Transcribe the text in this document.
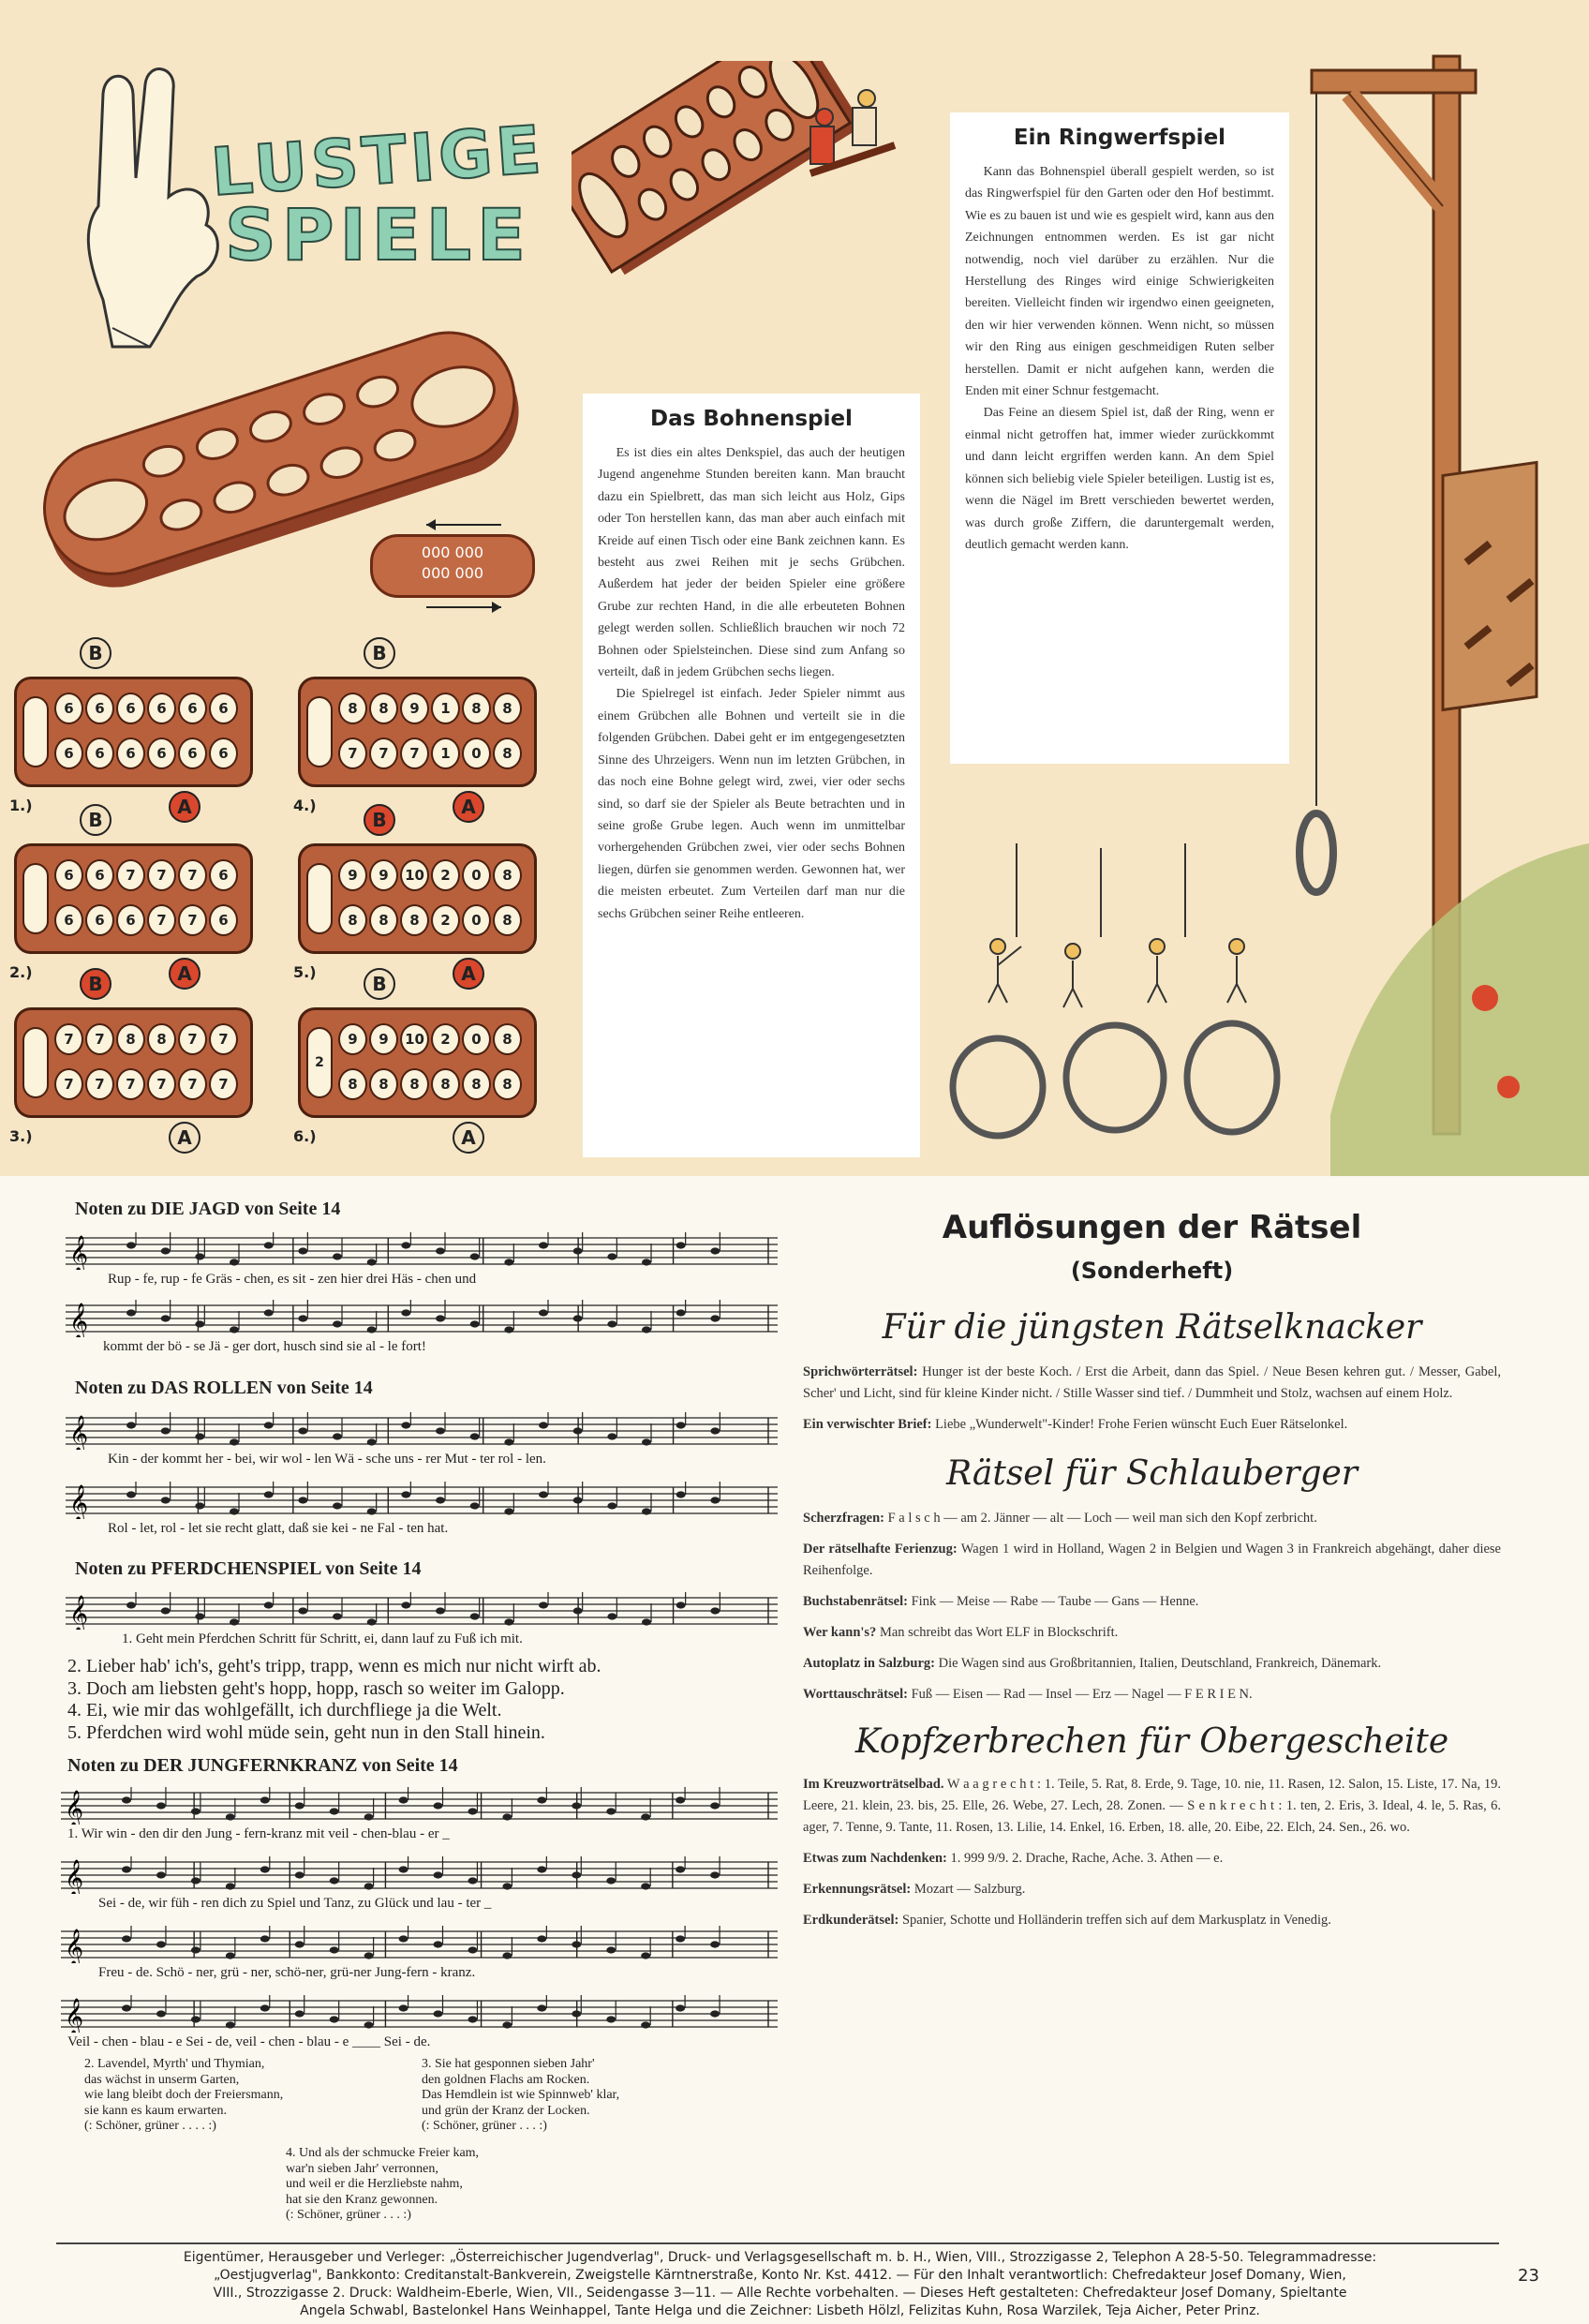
LUSTIGE
SPIELE
000 000
000 000
6	6	6	6	6	6
6	6	6	6	6	6
B
A
1.)
6	6	7	7	7	6
6	6	6	7	7	6
B
A
2.)
7	7	8	8	7	7
7	7	7	7	7	7
B
A
3.)
8	8	9	1	8	8
7	7	7	1	0	8
B
A
4.)
9	9	10	2	0	8
8	8	8	2	0	8
B
A
5.)
9	9	10	2	0	8
8	8	8	8	8	8
2
B
A
6.)
Das Bohnenspiel

Es ist dies ein altes Denkspiel, das auch der heutigen Jugend angenehme Stunden bereiten kann. Man braucht dazu ein Spielbrett, das man sich leicht aus Holz, Gips oder Ton herstellen kann, das man aber auch einfach mit Kreide auf einen Tisch oder eine Bank zeichnen kann. Es besteht aus zwei Reihen mit je sechs Grübchen. Außerdem hat jeder der beiden Spieler eine größere Grube zur rechten Hand, in die alle erbeuteten Bohnen gelegt werden sollen. Schließlich brauchen wir noch 72 Bohnen oder Spielsteinchen. Diese sind zum Anfang so verteilt, daß in jedem Grübchen sechs liegen.

Die Spielregel ist einfach. Jeder Spieler nimmt aus einem Grübchen alle Bohnen und verteilt sie in die folgenden Grübchen. Dabei geht er im entgegengesetzten Sinne des Uhrzeigers. Wenn nun im letzten Grübchen, in das noch eine Bohne gelegt wird, zwei, vier oder sechs sind, so darf sie der Spieler als Beute betrachten und in seine große Grube legen. Auch wenn im unmittelbar vorhergehenden Grübchen zwei, vier oder sechs Bohnen liegen, dürfen sie genommen werden. Gewonnen hat, wer die meisten erbeutet. Zum Verteilen darf man nur die sechs Grübchen seiner Reihe entleeren.

Ein Ringwerfspiel

Kann das Bohnenspiel überall gespielt werden, so ist das Ringwerfspiel für den Garten oder den Hof bestimmt. Wie es zu bauen ist und wie es gespielt wird, kann aus den Zeichnungen entnommen werden. Es ist gar nicht notwendig, noch viel darüber zu erzählen. Nur die Herstellung des Ringes wird einige Schwierigkeiten bereiten. Vielleicht finden wir irgendwo einen geeigneten, den wir hier verwenden können. Wenn nicht, so müssen wir den Ring aus einigen geschmeidigen Ruten selber herstellen. Damit er nicht aufgehen kann, werden die Enden mit einer Schnur festgemacht.

Das Feine an diesem Spiel ist, daß der Ring, wenn er einmal nicht getroffen hat, immer wieder zurückkommt und dann leicht ergriffen werden kann. An dem Spiel können sich beliebig viele Spieler beteiligen. Lustig ist es, wenn die Nägel im Brett verschieden bewertet werden, was durch große Ziffern, die daruntergemalt werden, deutlich gemacht werden kann.

Noten zu DIE JAGD von Seite 14
𝄞
Rup - fe, rup - fe Gräs - chen, es sit - zen hier drei Häs - chen und
𝄞
kommt der bö - se Jä - ger dort, husch sind sie al - le fort!
Noten zu DAS ROLLEN von Seite 14
𝄞
Kin - der kommt her - bei, wir wol - len Wä - sche uns - rer Mut - ter rol - len.
𝄞
Rol - let, rol - let sie recht glatt, daß sie kei - ne Fal - ten hat.
Noten zu PFERDCHENSPIEL von Seite 14
𝄞
1. Geht mein Pferdchen Schritt für Schritt, ei, dann lauf zu Fuß ich mit.
2. Lieber hab' ich's, geht's tripp, trapp, wenn es mich nur nicht wirft ab.
3. Doch am liebsten geht's hopp, hopp, rasch so weiter im Galopp.
4. Ei, wie mir das wohlgefällt, ich durchfliege ja die Welt.
5. Pferdchen wird wohl müde sein, geht nun in den Stall hinein.
Noten zu DER JUNGFERNKRANZ von Seite 14
𝄞
1. Wir win - den dir den Jung - fern-kranz mit veil - chen-blau - er _
𝄞
Sei - de, wir füh - ren dich zu Spiel und Tanz, zu Glück und lau - ter _
𝄞
Freu - de. Schö - ner, grü - ner, schö-ner, grü-ner Jung-fern - kranz.
𝄞
Veil - chen - blau - e Sei - de, veil - chen - blau - e ____ Sei - de.
2. Lavendel, Myrth' und Thymian,
das wächst in unserm Garten,
wie lang bleibt doch der Freiersmann,
sie kann es kaum erwarten.
(: Schöner, grüner . . . . :)
3. Sie hat gesponnen sieben Jahr'
den goldnen Flachs am Rocken.
Das Hemdlein ist wie Spinnweb' klar,
und grün der Kranz der Locken.
(: Schöner, grüner . . . :)
4. Und als der schmucke Freier kam,
war'n sieben Jahr' verronnen,
und weil er die Herzliebste nahm,
hat sie den Kranz gewonnen.
(: Schöner, grüner . . . :)
Auflösungen der Rätsel
(Sonderheft)
Für die jüngsten Rätselknacker

Sprichwörterrätsel: Hunger ist der beste Koch. / Erst die Arbeit, dann das Spiel. / Neue Besen kehren gut. / Messer, Gabel, Scher' und Licht, sind für kleine Kinder nicht. / Stille Wasser sind tief. / Dummheit und Stolz, wachsen auf einem Holz.

Ein verwischter Brief: Liebe „Wunderwelt"-Kinder! Frohe Ferien wünscht Euch Euer Rätselonkel.

Rätsel für Schlauberger

Scherzfragen: F a l s c h — am 2. Jänner — alt — Loch — weil man sich den Kopf zerbricht.

Der rätselhafte Ferienzug: Wagen 1 wird in Holland, Wagen 2 in Belgien und Wagen 3 in Frankreich abgehängt, daher diese Reihenfolge.

Buchstabenrätsel: Fink — Meise — Rabe — Taube — Gans — Henne.

Wer kann's? Man schreibt das Wort ELF in Blockschrift.

Autoplatz in Salzburg: Die Wagen sind aus Großbritannien, Italien, Deutschland, Frankreich, Dänemark.

Worttauschrätsel: Fuß — Eisen — Rad — Insel — Erz — Nagel — F E R I E N.

Kopfzerbrechen für Obergescheite

Im Kreuzworträtselbad. W a a g r e c h t : 1. Teile, 5. Rat, 8. Erde, 9. Tage, 10. nie, 11. Rasen, 12. Salon, 15. Liste, 17. Na, 19. Leere, 21. klein, 23. bis, 25. Elle, 26. Webe, 27. Lech, 28. Zonen. — S e n k r e c h t : 1. ten, 2. Eris, 3. Ideal, 4. le, 5. Ras, 6. ager, 7. Tenne, 9. Tante, 11. Rosen, 13. Lilie, 14. Enkel, 16. Erben, 18. alle, 20. Eibe, 22. Elch, 24. Sen., 26. wo.

Etwas zum Nachdenken: 1. 999 9/9. 2. Drache, Rache, Ache. 3. Athen — e.

Erkennungsrätsel: Mozart — Salzburg.

Erdkunderätsel: Spanier, Schotte und Holländerin treffen sich auf dem Markusplatz in Venedig.

Eigentümer, Herausgeber und Verleger: „Österreichischer Jugendverlag", Druck- und Verlagsgesellschaft m. b. H., Wien, VIII., Strozzigasse 2, Telephon A 28-5-50. Telegrammadresse:
„Oestjugverlag", Bankkonto: Creditanstalt-Bankverein, Zweigstelle Kärntnerstraße, Konto Nr. Kst. 4412. — Für den Inhalt verantwortlich: Chefredakteur Josef Domany, Wien,
VIII., Strozzigasse 2. Druck: Waldheim-Eberle, Wien, VII., Seidengasse 3—11. — Alle Rechte vorbehalten. — Dieses Heft gestalteten: Chefredakteur Josef Domany, Spieltante
Angela Schwabl, Bastelonkel Hans Weinhappel, Tante Helga und die Zeichner: Lisbeth Hölzl, Felizitas Kuhn, Rosa Warzilek, Teja Aicher, Peter Prinz.
23
